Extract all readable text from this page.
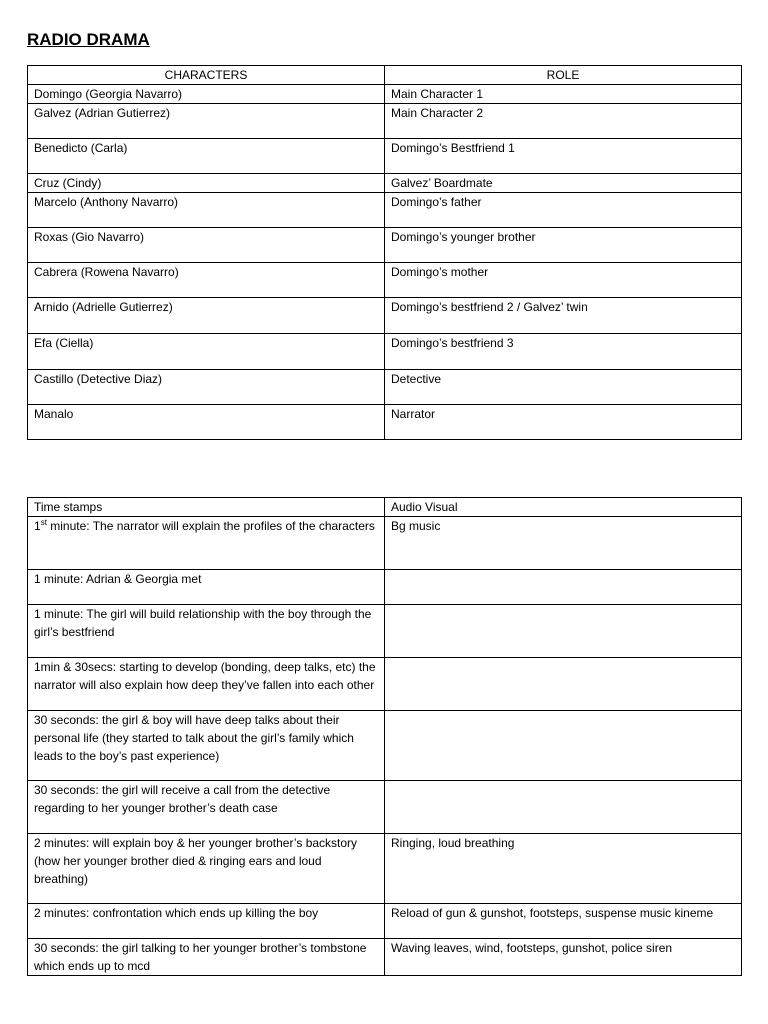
RADIO DRAMA
CHARACTERS	ROLE
Domingo (Georgia Navarro)	Main Character 1
Galvez (Adrian Gutierrez)	Main Character 2
Benedicto (Carla)	Domingo’s Bestfriend 1
Cruz (Cindy)	Galvez’ Boardmate
Marcelo (Anthony Navarro)	Domingo’s father
Roxas (Gio Navarro)	Domingo’s younger brother
Cabrera (Rowena Navarro)	Domingo’s mother
Arnido (Adrielle Gutierrez)	Domingo’s bestfriend 2 / Galvez’ twin
Efa (Ciella)	Domingo’s bestfriend 3
Castillo (Detective Diaz)	Detective
Manalo	Narrator
Time stamps	Audio Visual
1st minute: The narrator will explain the profiles of the characters	Bg music
1 minute: Adrian & Georgia met	
1 minute: The girl will build relationship with the boy through the girl’s bestfriend	
1min & 30secs: starting to develop (bonding, deep talks, etc) the narrator will also explain how deep they’ve fallen into each other	
30 seconds: the girl & boy will have deep talks about their personal life (they started to talk about the girl’s family which leads to the boy’s past experience)	
30 seconds: the girl will receive a call from the detective regarding to her younger brother’s death case	
2 minutes: will explain boy & her younger brother’s backstory (how her younger brother died & ringing ears and loud breathing)	Ringing, loud breathing
2 minutes: confrontation which ends up killing the boy	Reload of gun & gunshot, footsteps, suspense music kineme
30 seconds: the girl talking to her younger brother’s tombstone which ends up to mcd	Waving leaves, wind, footsteps, gunshot, police siren
